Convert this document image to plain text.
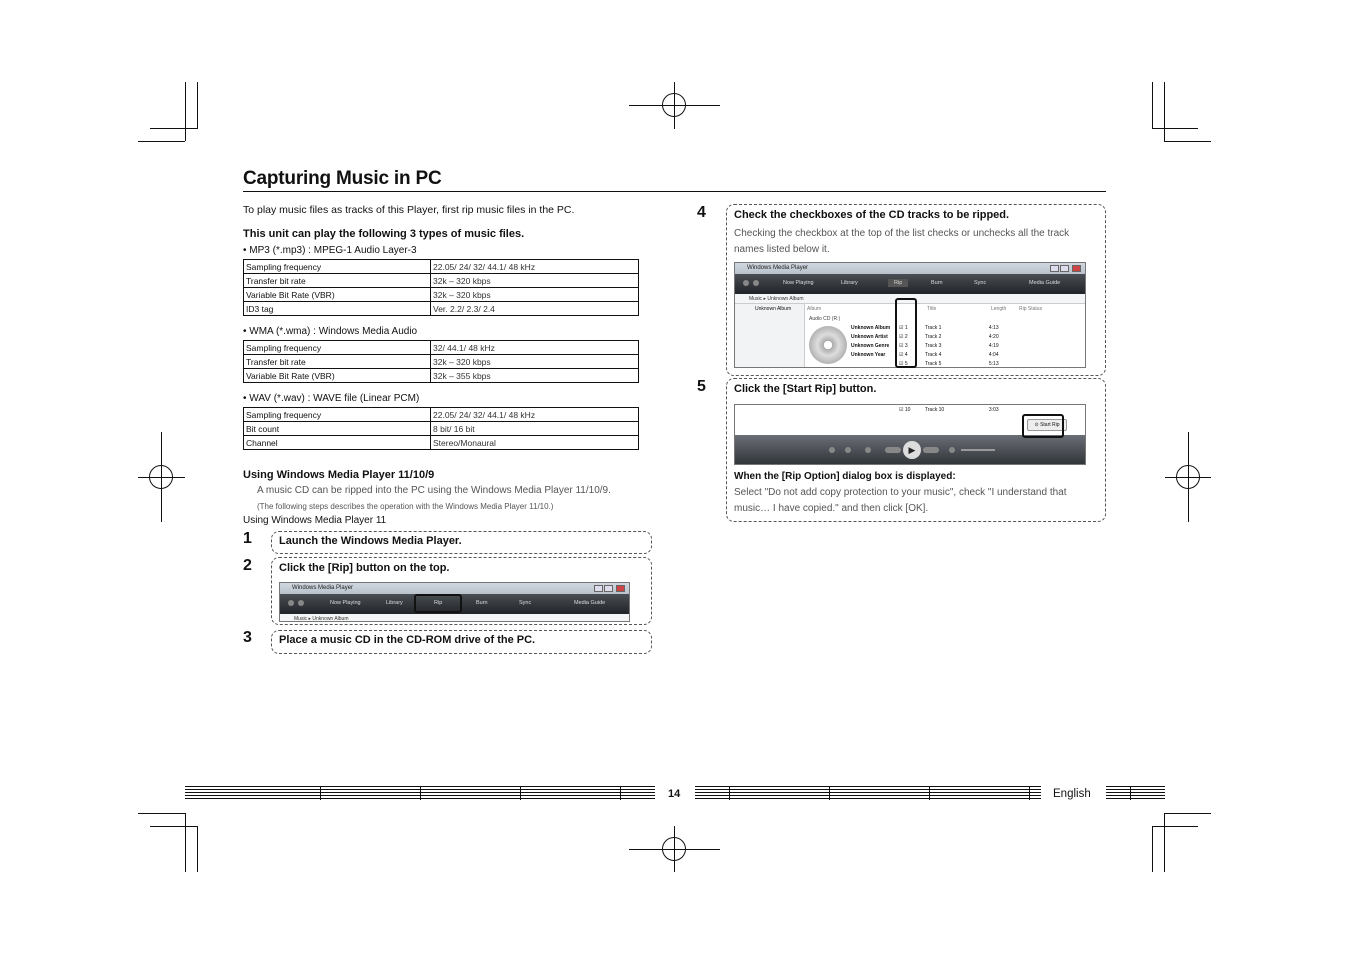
Capturing Music in PC
To play music files as tracks of this Player, first rip music files in the PC.
This unit can play the following 3 types of music files.
• MP3 (*.mp3) : MPEG-1 Audio Layer-3
Sampling frequency	22.05/ 24/ 32/ 44.1/ 48 kHz
Transfer bit rate	32k – 320 kbps
Variable Bit Rate (VBR)	32k – 320 kbps
ID3 tag	Ver. 2.2/ 2.3/ 2.4
• WMA (*.wma) : Windows Media Audio
Sampling frequency	32/ 44.1/ 48 kHz
Transfer bit rate	32k – 320 kbps
Variable Bit Rate (VBR)	32k – 355 kbps
• WAV (*.wav) : WAVE file (Linear PCM)
Sampling frequency	22.05/ 24/ 32/ 44.1/ 48 kHz
Bit count	8 bit/ 16 bit
Channel	Stereo/Monaural
Using Windows Media Player 11/10/9
A music CD can be ripped into the PC using the Windows Media Player 11/10/9.
(The following steps describes the operation with the Windows Media Player 11/10.)
Using Windows Media Player 11
1 Launch the Windows Media Player.
2 Click the [Rip] button on the top.
Windows Media Player
Now Playing	Library	Rip	Burn	Sync	Media Guide
Music ▸ Unknown Album
3 Place a music CD in the CD-ROM drive of the PC.
4	Check the checkboxes of the CD tracks to be ripped.
Checking the checkbox at the top of the list checks or unchecks all the track
names listed below it.
Windows Media Player
Now Playing	Library	Rip	Burn	Sync	Media Guide
Music ▸ Unknown Album
Unknown Album	Album	Title	Length	Rip Status
Audio CD (R:)
Unknown Album
Unknown Artist
Unknown Genre
Unknown Year
☑ 1	Track 1	4:13
☑ 2	Track 2	4:20
☑ 3	Track 3	4:19
☑ 4	Track 4	4:04
☑ 5	Track 5	5:13
5	Click the [Start Rip] button.
☑ 10	Track 10	3:03
⊙ Start Rip
▶
When the [Rip Option] dialog box is displayed:
Select "Do not add copy protection to your music", check "I understand that
music… I have copied." and then click [OK].
14	English
